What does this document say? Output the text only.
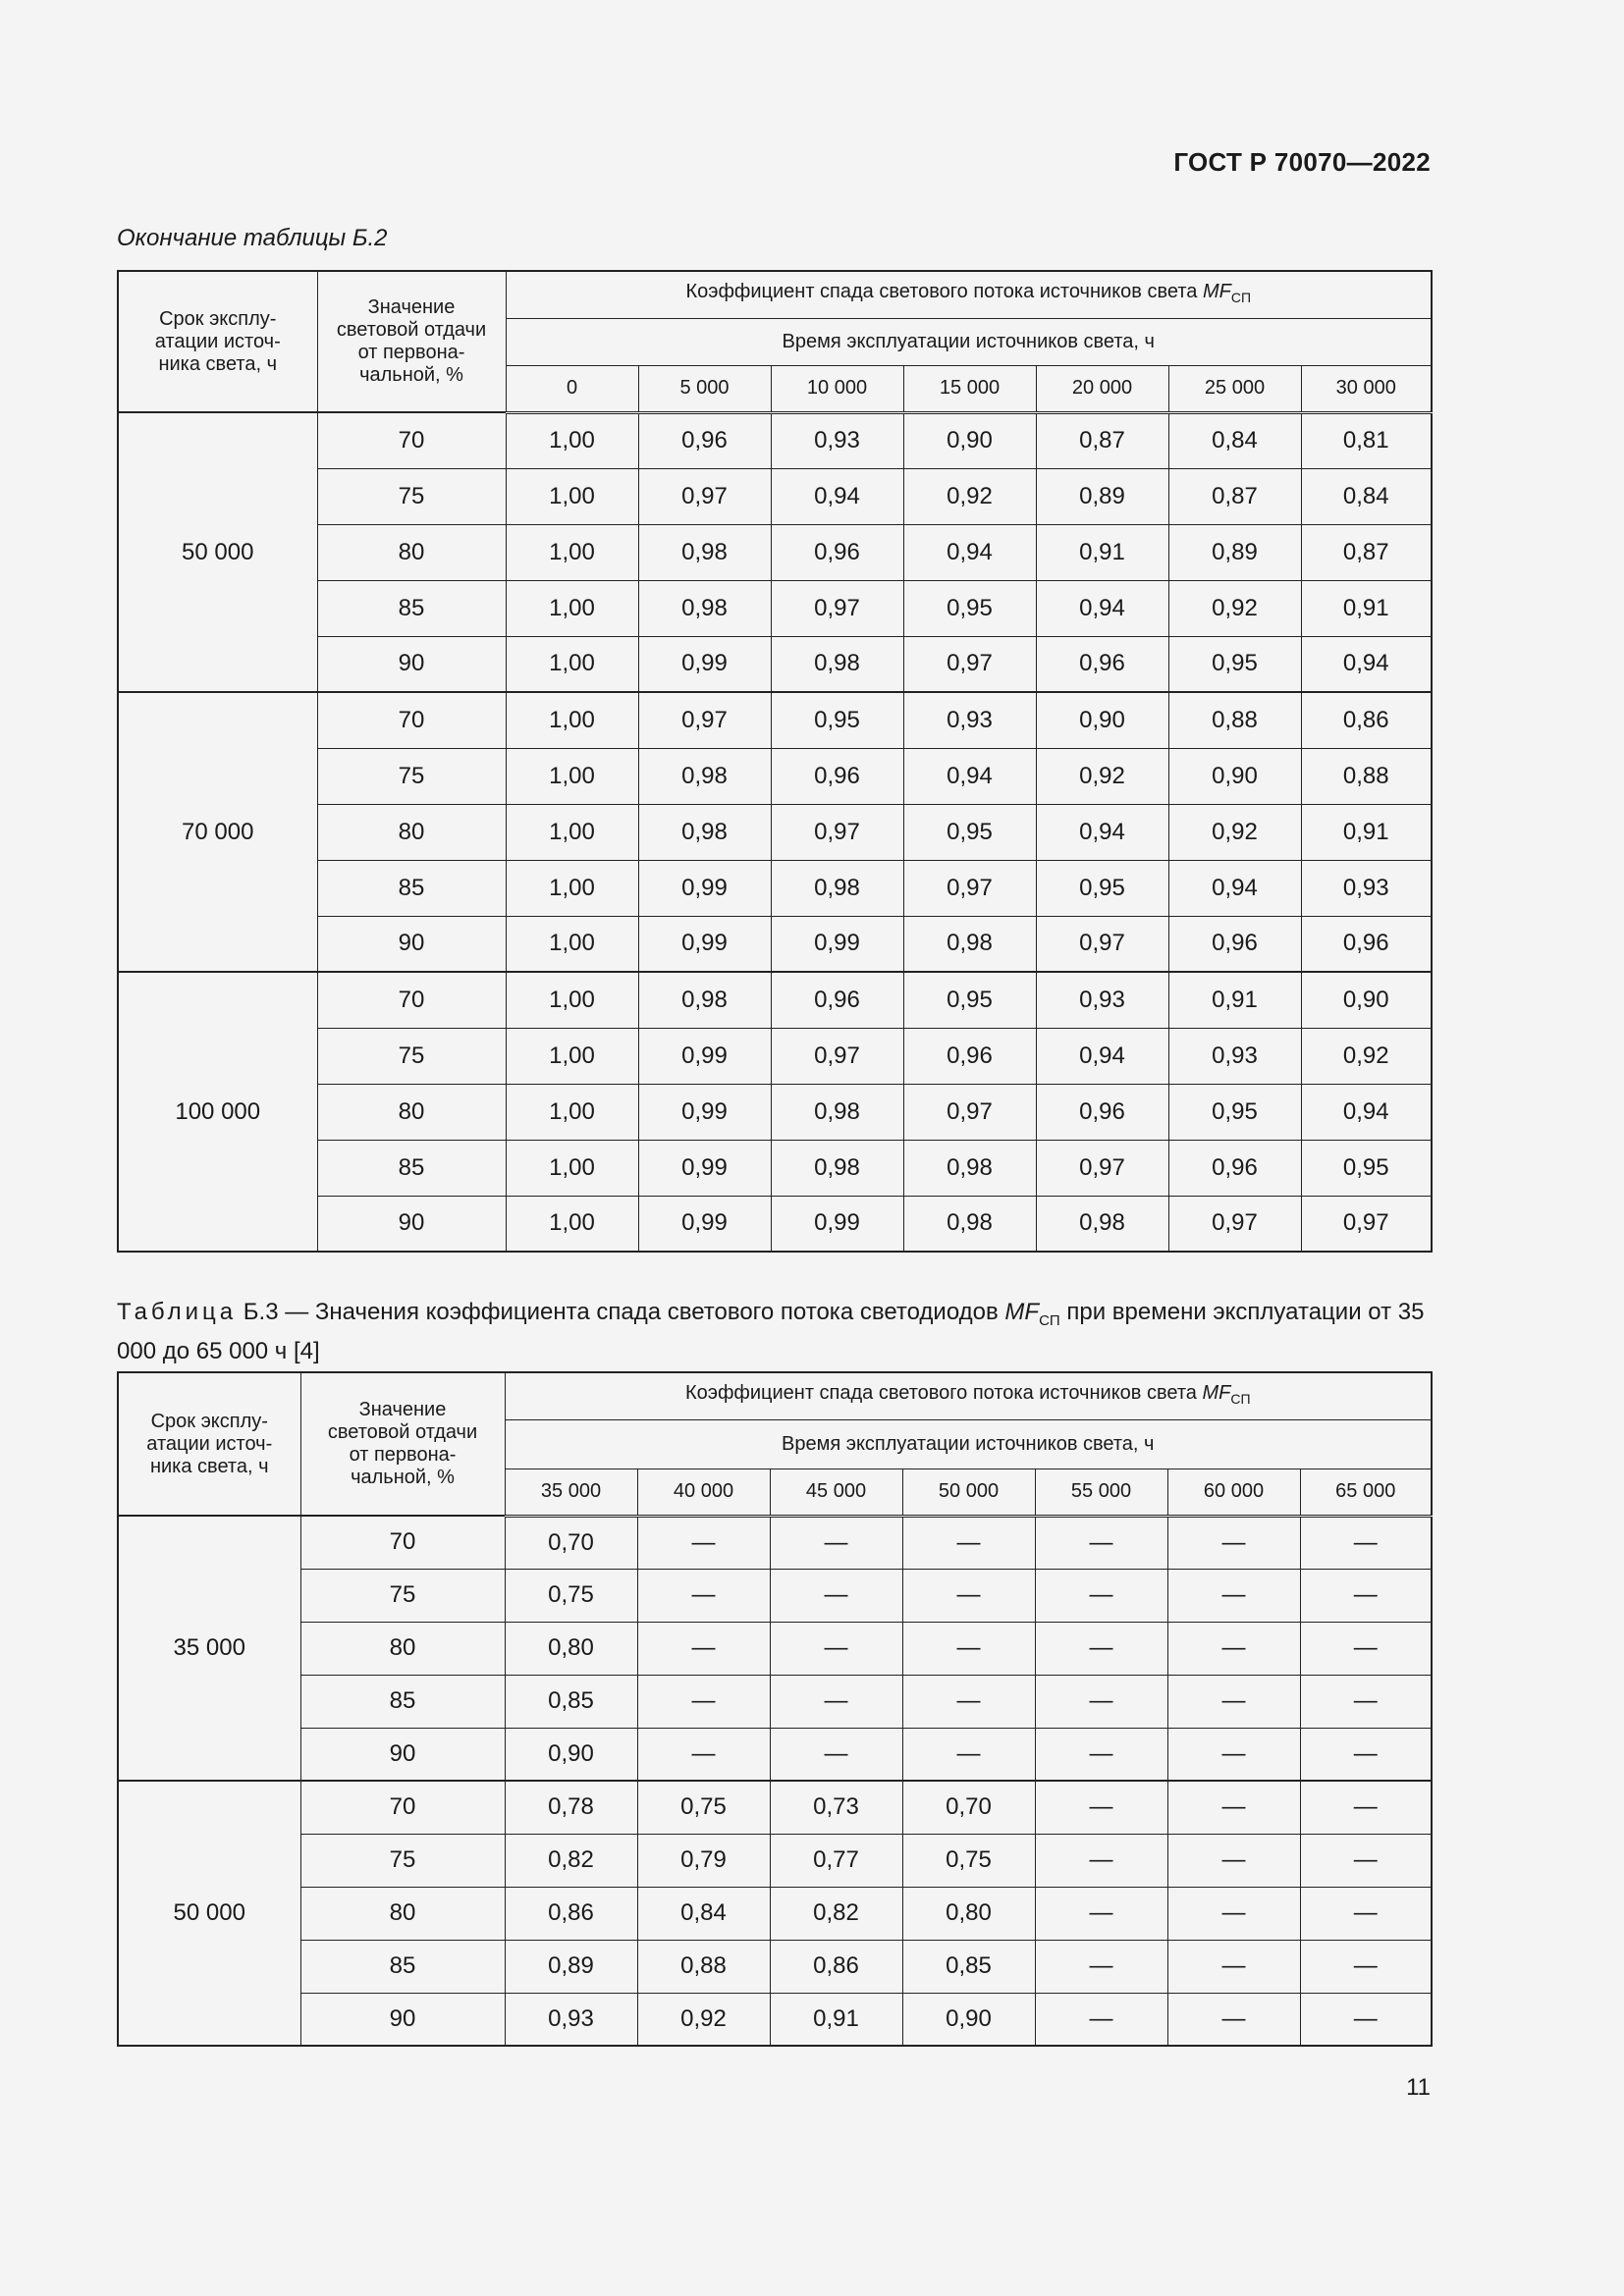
ГОСТ Р 70070—2022
Окончание таблицы Б.2
Срок эксплу-
атации источ-
ника света, ч	Значение
световой отдачи
от первона-
чальной, %	Коэффициент спада светового потока источников света $MF_{СП}$
		Время эксплуатации источников света, ч						
		0	5 000	10 000	15 000	20 000	25 000	30 000
50 000	70	1,00	0,96	0,93	0,90	0,87	0,84	0,81
	75	1,00	0,97	0,94	0,92	0,89	0,87	0,84
	80	1,00	0,98	0,96	0,94	0,91	0,89	0,87
	85	1,00	0,98	0,97	0,95	0,94	0,92	0,91
	90	1,00	0,99	0,98	0,97	0,96	0,95	0,94
70 000	70	1,00	0,97	0,95	0,93	0,90	0,88	0,86
	75	1,00	0,98	0,96	0,94	0,92	0,90	0,88
	80	1,00	0,98	0,97	0,95	0,94	0,92	0,91
	85	1,00	0,99	0,98	0,97	0,95	0,94	0,93
	90	1,00	0,99	0,99	0,98	0,97	0,96	0,96
100 000	70	1,00	0,98	0,96	0,95	0,93	0,91	0,90
	75	1,00	0,99	0,97	0,96	0,94	0,93	0,92
	80	1,00	0,99	0,98	0,97	0,96	0,95	0,94
	85	1,00	0,99	0,98	0,98	0,97	0,96	0,95
	90	1,00	0,99	0,99	0,98	0,98	0,97	0,97
Таблица Б.3 — Значения коэффициента спада светового потока светодиодов $MF_{СП}$ при времени эксплуатации от 35 000 до 65 000 ч [4]
Срок эксплу-
атации источ-
ника света, ч	Значение
световой отдачи
от первона-
чальной, %	Коэффициент спада светового потока источников света $MF_{СП}$
		Время эксплуатации источников света, ч						
		35 000	40 000	45 000	50 000	55 000	60 000	65 000
35 000	70	0,70	—	—	—	—	—	—
	75	0,75	—	—	—	—	—	—
	80	0,80	—	—	—	—	—	—
	85	0,85	—	—	—	—	—	—
	90	0,90	—	—	—	—	—	—
50 000	70	0,78	0,75	0,73	0,70	—	—	—
	75	0,82	0,79	0,77	0,75	—	—	—
	80	0,86	0,84	0,82	0,80	—	—	—
	85	0,89	0,88	0,86	0,85	—	—	—
	90	0,93	0,92	0,91	0,90	—	—	—
11
